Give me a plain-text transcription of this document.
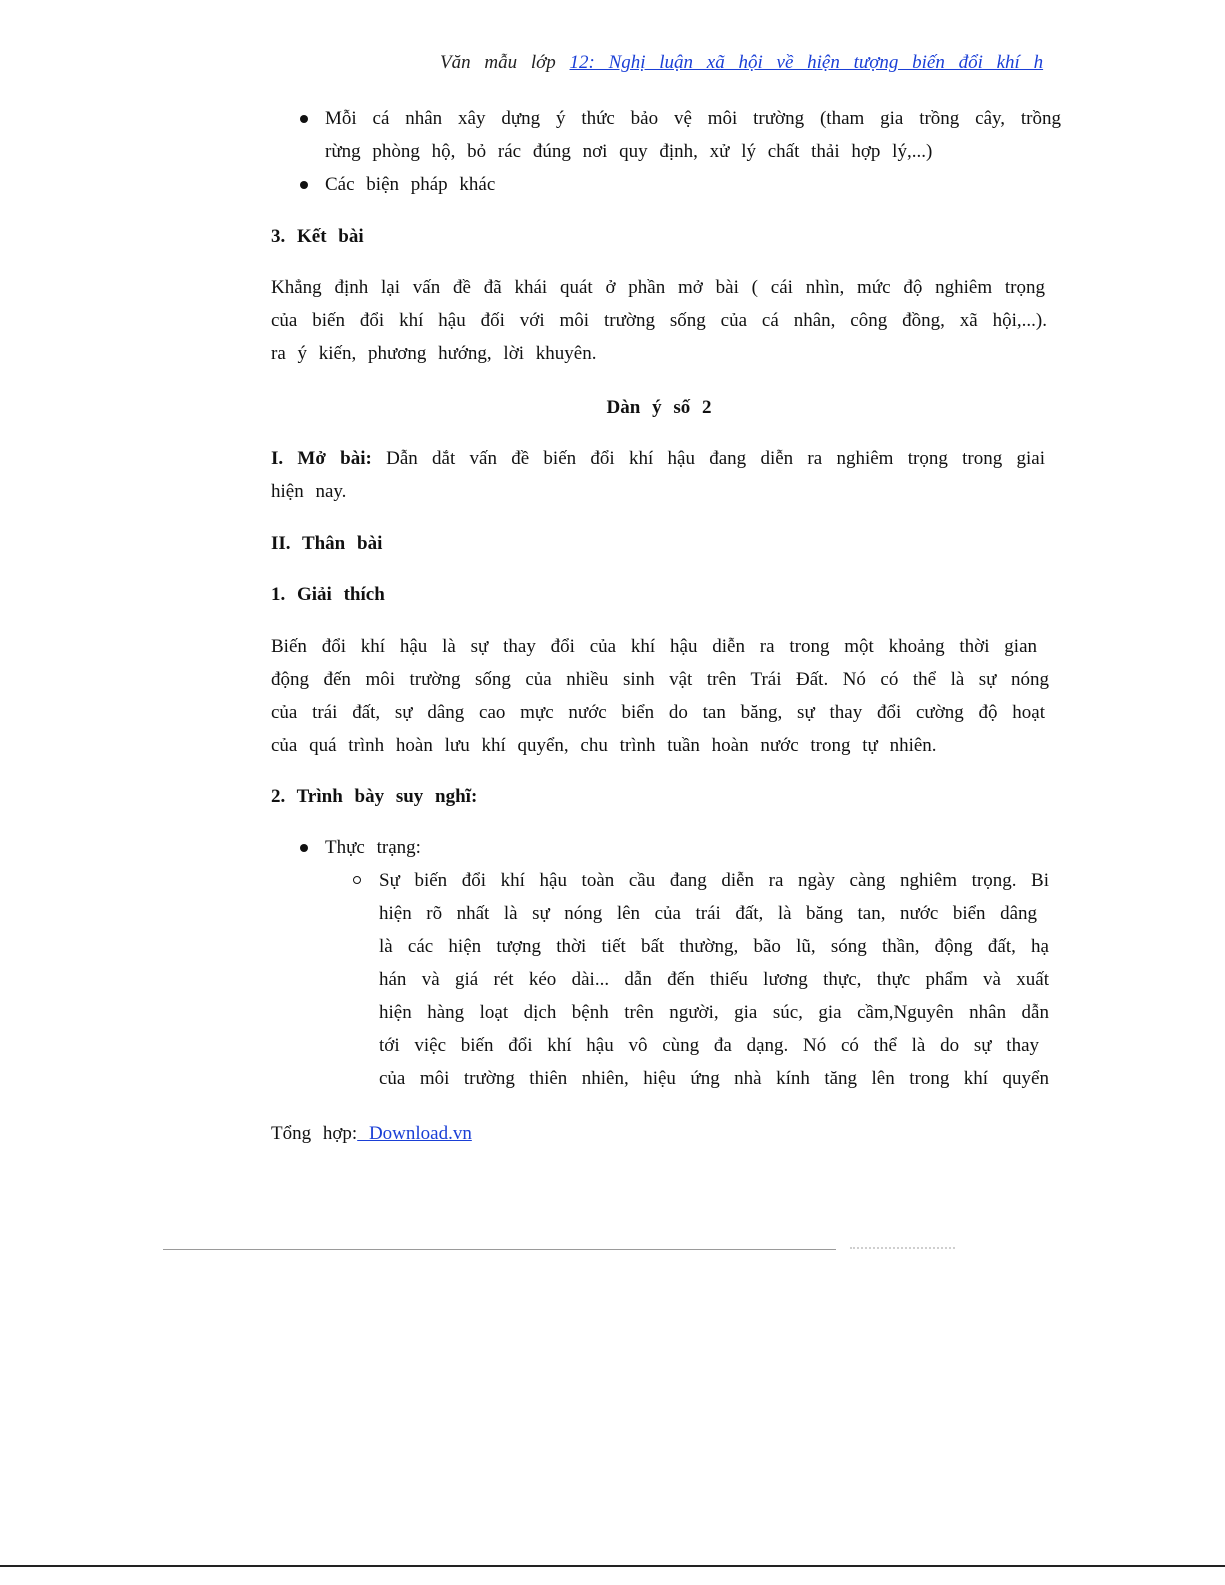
Văn mẫu lớp 12: Nghị luận xã hội về hiện tượng biến đổi khí h
Mỗi cá nhân xây dựng ý thức bảo vệ môi trường (tham gia trồng cây, trồng
rừng phòng hộ, bỏ rác đúng nơi quy định, xử lý chất thải hợp lý,...)
Các biện pháp khác
3. Kết bài
Khẳng định lại vấn đề đã khái quát ở phần mở bài ( cái nhìn, mức độ nghiêm trọng
của biến đổi khí hậu đối với môi trường sống của cá nhân, công đồng, xã hội,...).
ra ý kiến, phương hướng, lời khuyên.
Dàn ý số 2
I. Mở bài: Dẫn dắt vấn đề biến đổi khí hậu đang diễn ra nghiêm trọng trong giai
hiện nay.
II. Thân bài
1. Giải thích
Biến đổi khí hậu là sự thay đổi của khí hậu diễn ra trong một khoảng thời gian
động đến môi trường sống của nhiều sinh vật trên Trái Đất. Nó có thể là sự nóng
của trái đất, sự dâng cao mực nước biển do tan băng, sự thay đổi cường độ hoạt
của quá trình hoàn lưu khí quyển, chu trình tuần hoàn nước trong tự nhiên.
2. Trình bày suy nghĩ:
Thực trạng:
Sự biến đổi khí hậu toàn cầu đang diễn ra ngày càng nghiêm trọng. Bi
hiện rõ nhất là sự nóng lên của trái đất, là băng tan, nước biển dâng
là các hiện tượng thời tiết bất thường, bão lũ, sóng thần, động đất, hạ
hán và giá rét kéo dài... dẫn đến thiếu lương thực, thực phẩm và xuất
hiện hàng loạt dịch bệnh trên người, gia súc, gia cầm,Nguyên nhân dẫn
tới việc biến đổi khí hậu vô cùng đa dạng. Nó có thể là do sự thay
của môi trường thiên nhiên, hiệu ứng nhà kính tăng lên trong khí quyển
Tổng hợp: Download.vn
